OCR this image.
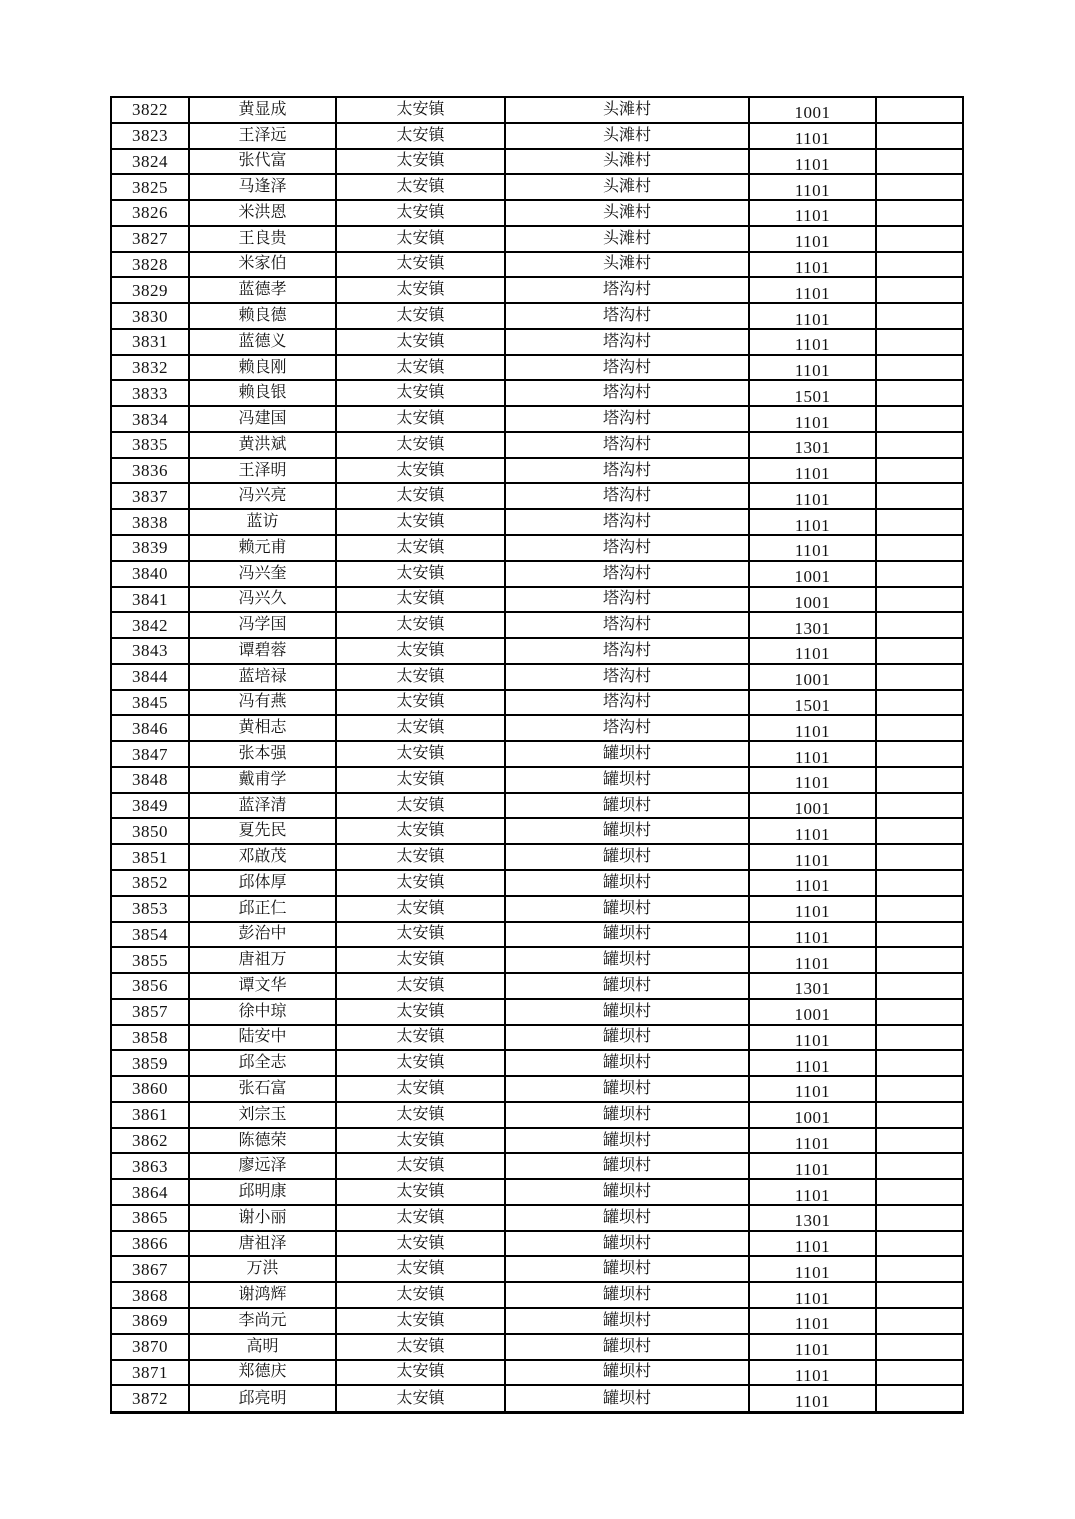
3822	黄显成	太安镇	头滩村	1001	
3823	王泽远	太安镇	头滩村	1101	
3824	张代富	太安镇	头滩村	1101	
3825	马逢泽	太安镇	头滩村	1101	
3826	米洪恩	太安镇	头滩村	1101	
3827	王良贵	太安镇	头滩村	1101	
3828	米家伯	太安镇	头滩村	1101	
3829	蓝德孝	太安镇	塔沟村	1101	
3830	赖良德	太安镇	塔沟村	1101	
3831	蓝德义	太安镇	塔沟村	1101	
3832	赖良刚	太安镇	塔沟村	1101	
3833	赖良银	太安镇	塔沟村	1501	
3834	冯建国	太安镇	塔沟村	1101	
3835	黄洪斌	太安镇	塔沟村	1301	
3836	王泽明	太安镇	塔沟村	1101	
3837	冯兴亮	太安镇	塔沟村	1101	
3838	蓝访	太安镇	塔沟村	1101	
3839	赖元甫	太安镇	塔沟村	1101	
3840	冯兴奎	太安镇	塔沟村	1001	
3841	冯兴久	太安镇	塔沟村	1001	
3842	冯学国	太安镇	塔沟村	1301	
3843	谭碧蓉	太安镇	塔沟村	1101	
3844	蓝培禄	太安镇	塔沟村	1001	
3845	冯有燕	太安镇	塔沟村	1501	
3846	黄相志	太安镇	塔沟村	1101	
3847	张本强	太安镇	罐坝村	1101	
3848	戴甫学	太安镇	罐坝村	1101	
3849	蓝泽清	太安镇	罐坝村	1001	
3850	夏先民	太安镇	罐坝村	1101	
3851	邓啟茂	太安镇	罐坝村	1101	
3852	邱体厚	太安镇	罐坝村	1101	
3853	邱正仁	太安镇	罐坝村	1101	
3854	彭治中	太安镇	罐坝村	1101	
3855	唐祖万	太安镇	罐坝村	1101	
3856	谭文华	太安镇	罐坝村	1301	
3857	徐中琼	太安镇	罐坝村	1001	
3858	陆安中	太安镇	罐坝村	1101	
3859	邱全志	太安镇	罐坝村	1101	
3860	张石富	太安镇	罐坝村	1101	
3861	刘宗玉	太安镇	罐坝村	1001	
3862	陈德荣	太安镇	罐坝村	1101	
3863	廖远泽	太安镇	罐坝村	1101	
3864	邱明康	太安镇	罐坝村	1101	
3865	谢小丽	太安镇	罐坝村	1301	
3866	唐祖泽	太安镇	罐坝村	1101	
3867	万洪	太安镇	罐坝村	1101	
3868	谢鸿辉	太安镇	罐坝村	1101	
3869	李尚元	太安镇	罐坝村	1101	
3870	高明	太安镇	罐坝村	1101	
3871	郑德庆	太安镇	罐坝村	1101	
3872	邱亮明	太安镇	罐坝村	1101	
